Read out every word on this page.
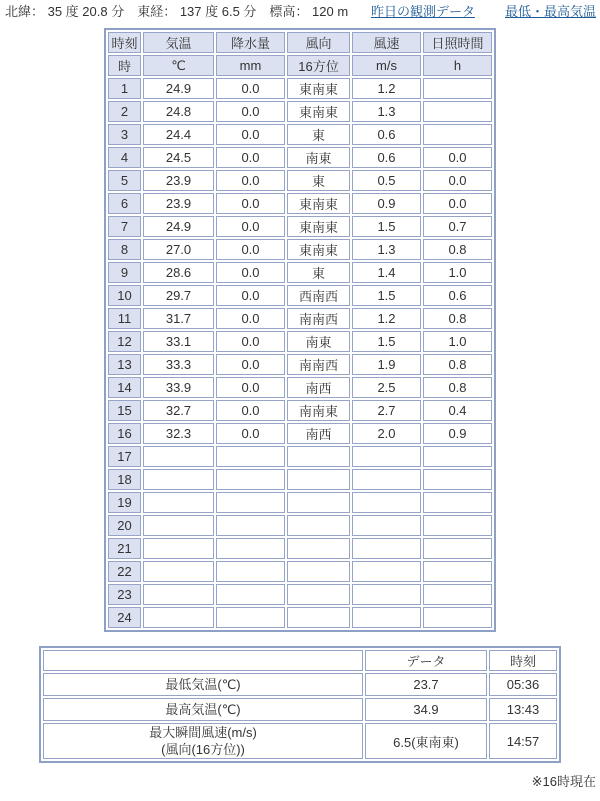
北緯： 35 度 20.8 分　東経： 137 度 6.5 分　標高： 120 m	昨日の観測データ 最低・最高気温
時刻	気温	降水量	風向	風速	日照時間
時	℃	mm	16方位	m/s	h
1	24.9	0.0	東南東	1.2	
2	24.8	0.0	東南東	1.3	
3	24.4	0.0	東	0.6	
4	24.5	0.0	南東	0.6	0.0
5	23.9	0.0	東	0.5	0.0
6	23.9	0.0	東南東	0.9	0.0
7	24.9	0.0	東南東	1.5	0.7
8	27.0	0.0	東南東	1.3	0.8
9	28.6	0.0	東	1.4	1.0
10	29.7	0.0	西南西	1.5	0.6
11	31.7	0.0	南南西	1.2	0.8
12	33.1	0.0	南東	1.5	1.0
13	33.3	0.0	南南西	1.9	0.8
14	33.9	0.0	南西	2.5	0.8
15	32.7	0.0	南南東	2.7	0.4
16	32.3	0.0	南西	2.0	0.9
17					
18					
19					
20					
21					
22					
23					
24					
	データ	時刻

最低気温(℃)	23.7	05:36

最高気温(℃)	34.9	13:43

最大瞬間風速(m/s)
(風向(16方位))	6.5(東南東)	14:57
※16時現在
